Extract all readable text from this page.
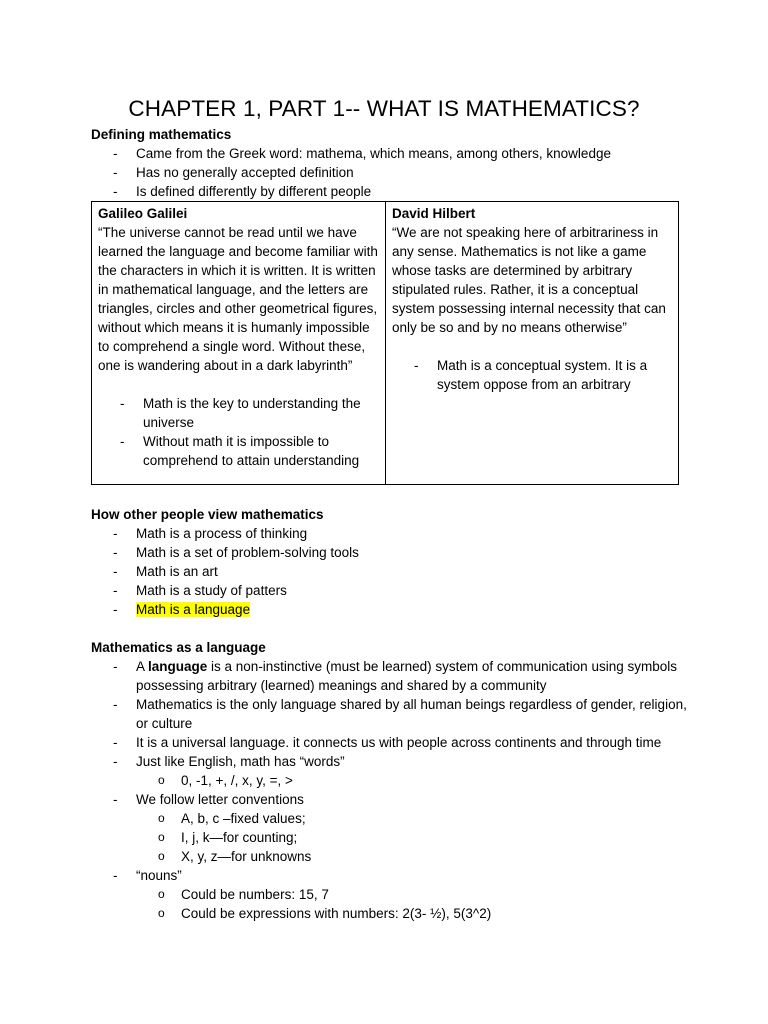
CHAPTER 1, PART 1-- WHAT IS MATHEMATICS?
Defining mathematics
- Came from the Greek word: mathema, which means, among others, knowledge
- Has no generally accepted definition
- Is defined differently by different people
Galileo Galilei
“The universe cannot be read until we have learned the language and become familiar with the characters in which it is written. It is written in mathematical language, and the letters are triangles, circles and other geometrical figures, without which means it is humanly impossible to comprehend a single word. Without these, one is wandering about in a dark labyrinth”
- Math is the key to understanding the universe
- Without math it is impossible to comprehend to attain understanding

David Hilbert
“We are not speaking here of arbitrariness in any sense. Mathematics is not like a game whose tasks are determined by arbitrary stipulated rules. Rather, it is a conceptual system possessing internal necessity that can only be so and by no means otherwise”
- Math is a conceptual system. It is a system oppose from an arbitrary
How other people view mathematics
- Math is a process of thinking
- Math is a set of problem-solving tools
- Math is an art
- Math is a study of patters
- Math is a language
Mathematics as a language
- A language is a non-instinctive (must be learned) system of communication using symbols possessing arbitrary (learned) meanings and shared by a community
- Mathematics is the only language shared by all human beings regardless of gender, religion, or culture
- It is a universal language. it connects us with people across continents and through time
- Just like English, math has “words”
o 0, -1, +, /, x, y, =, >
- We follow letter conventions
o A, b, c –fixed values;
o I, j, k—for counting;
o X, y, z—for unknowns
- “nouns”
o Could be numbers: 15, 7
o Could be expressions with numbers: 2(3- ½), 5(3^2)
